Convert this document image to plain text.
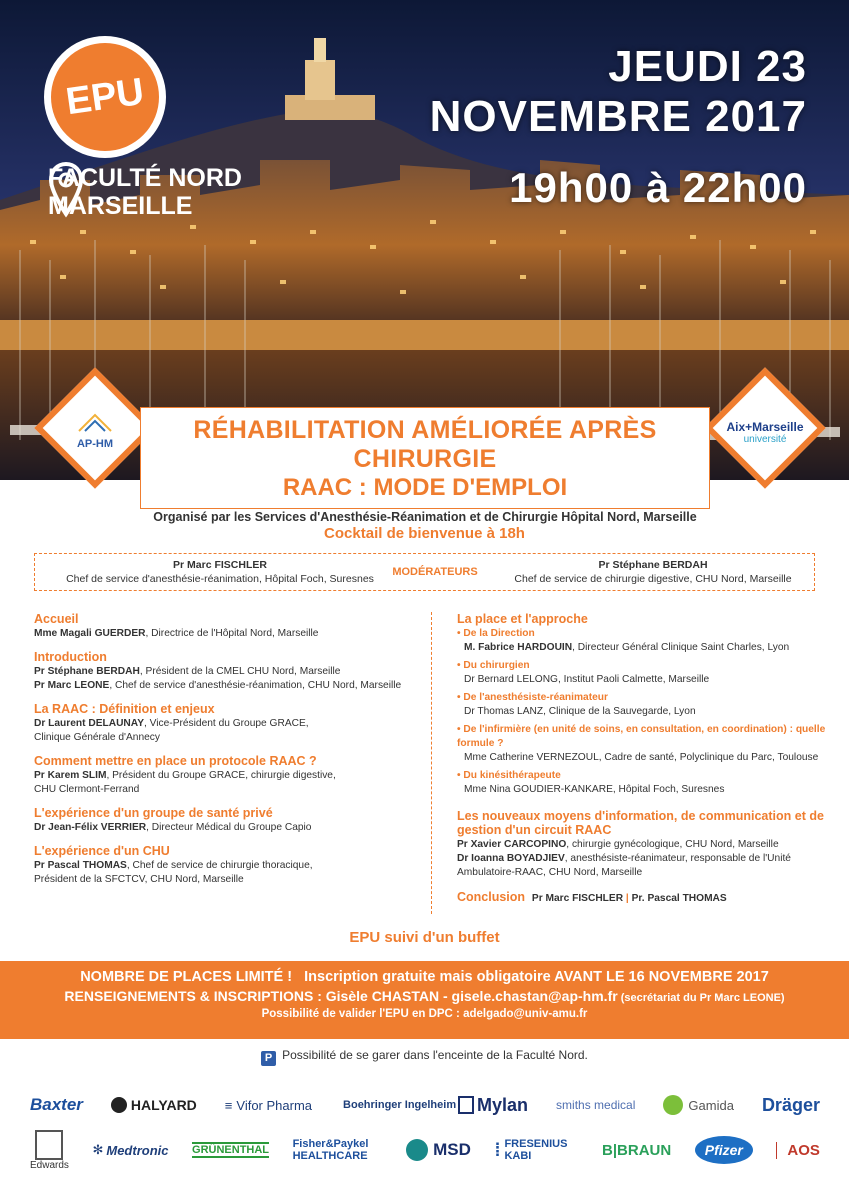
EPU
FACULTÉ NORD
MARSEILLE
JEUDI 23
NOVEMBRE 2017
19h00 à 22h00
AP-HM
Aix+Marseille
université
RÉHABILITATION AMÉLIORÉE APRÈS CHIRURGIE
RAAC : MODE D'EMPLOI
Organisé par les Services d'Anesthésie-Réanimation et de Chirurgie Hôpital Nord, Marseille
Cocktail de bienvenue à 18h
Pr Marc FISCHLER
Chef de service d'anesthésie-réanimation, Hôpital Foch, Suresnes
MODÉRATEURS
Pr Stéphane BERDAH
Chef de service de chirurgie digestive, CHU Nord, Marseille
Accueil
Mme Magali GUERDER, Directrice de l'Hôpital Nord, Marseille
Introduction
Pr Stéphane BERDAH, Président de la CMEL CHU Nord, Marseille
Pr Marc LEONE, Chef de service d'anesthésie-réanimation, CHU Nord, Marseille
La RAAC : Définition et enjeux
Dr Laurent DELAUNAY, Vice-Président du Groupe GRACE,
Clinique Générale d'Annecy
Comment mettre en place un protocole RAAC ?
Pr Karem SLIM, Président du Groupe GRACE, chirurgie digestive,
CHU Clermont-Ferrand
L'expérience d'un groupe de santé privé
Dr Jean-Félix VERRIER, Directeur Médical du Groupe Capio
L'expérience d'un CHU
Pr Pascal THOMAS, Chef de service de chirurgie thoracique,
Président de la SFCTCV, CHU Nord, Marseille
La place et l'approche
• De la Direction
M. Fabrice HARDOUIN, Directeur Général Clinique Saint Charles, Lyon
• Du chirurgien
Dr Bernard LELONG, Institut Paoli Calmette, Marseille
• De l'anesthésiste-réanimateur
Dr Thomas LANZ, Clinique de la Sauvegarde, Lyon
• De l'infirmière (en unité de soins, en consultation, en coordination) : quelle formule ?
Mme Catherine VERNEZOUL, Cadre de santé, Polyclinique du Parc, Toulouse
• Du kinésithérapeute
Mme Nina GOUDIER-KANKARE, Hôpital Foch, Suresnes
Les nouveaux moyens d'information, de communication et de gestion d'un circuit RAAC
Pr Xavier CARCOPINO, chirurgie gynécologique, CHU Nord, Marseille
Dr Ioanna BOYADJIEV, anesthésiste-réanimateur, responsable de l'Unité
Ambulatoire-RAAC, CHU Nord, Marseille
Conclusion Pr Marc FISCHLER | Pr. Pascal THOMAS
EPU suivi d'un buffet
NOMBRE DE PLACES LIMITÉ !   Inscription gratuite mais obligatoire AVANT LE 16 NOVEMBRE 2017
RENSEIGNEMENTS & INSCRIPTIONS : Gisèle CHASTAN - gisele.chastan@ap-hm.fr (secrétariat du Pr Marc LEONE)
Possibilité de valider l'EPU en DPC : adelgado@univ-amu.fr
P Possibilité de se garer dans l'enceinte de la Faculté Nord.
Baxter	HALYARD ≡ Vifor Pharma	Boehringer Ingelheim Mylan smiths medical	Gamida Dräger
Edwards
✻ Medtronic GRÜNENTHAL Fisher&Paykel HEALTHCARE	MSD ⁞ FRESENIUS KABI	B|BRAUN	Pfizer	AOS
